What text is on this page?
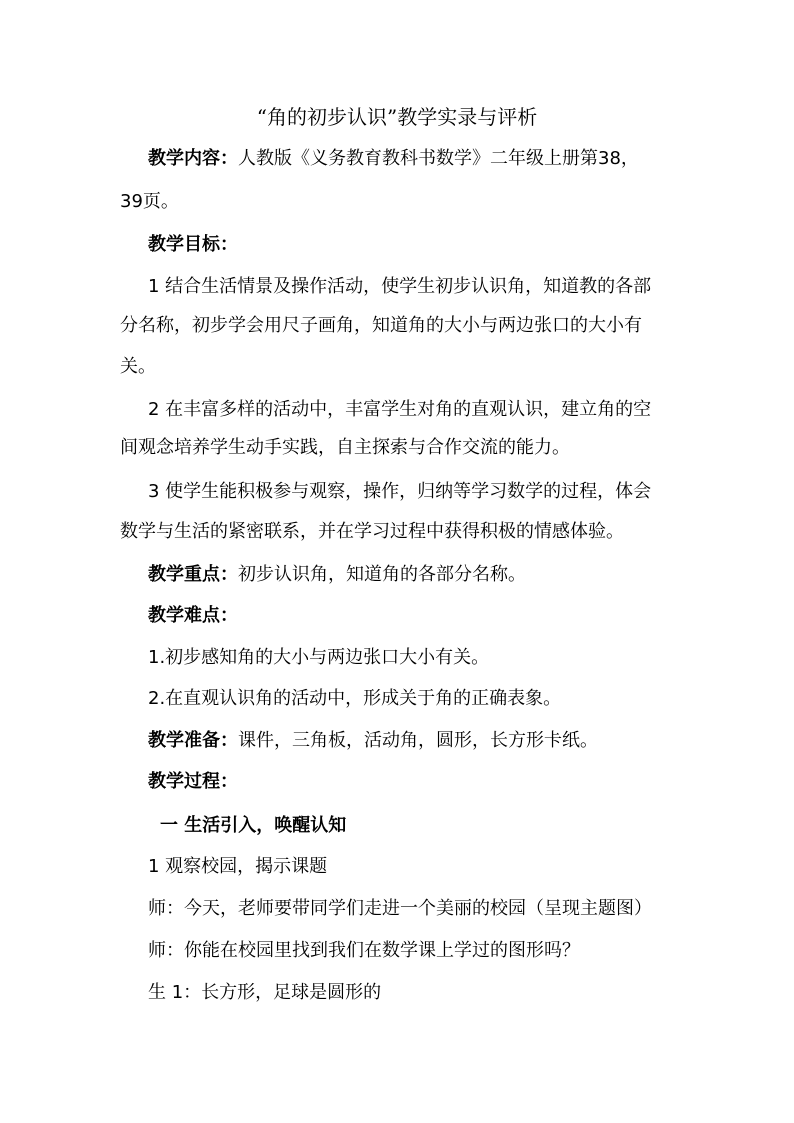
“角的初步认识”教学实录与评析
教学内容：人教版《义务教育教科书数学》二年级上册第38，
39页。
教学目标：
1 结合生活情景及操作活动，使学生初步认识角，知道教的各部
分名称，初步学会用尺子画角，知道角的大小与两边张口的大小有
关。
2 在丰富多样的活动中，丰富学生对角的直观认识，建立角的空
间观念培养学生动手实践，自主探索与合作交流的能力。
3 使学生能积极参与观察，操作，归纳等学习数学的过程，体会
数学与生活的紧密联系，并在学习过程中获得积极的情感体验。
教学重点：初步认识角，知道角的各部分名称。
教学难点：
1.初步感知角的大小与两边张口大小有关。
2.在直观认识角的活动中，形成关于角的正确表象。
教学准备：课件，三角板，活动角，圆形，长方形卡纸。
教学过程：
一 生活引入，唤醒认知
1 观察校园，揭示课题
师：今天，老师要带同学们走进一个美丽的校园（呈现主题图）
师：你能在校园里找到我们在数学课上学过的图形吗？
生 1：长方形，足球是圆形的
